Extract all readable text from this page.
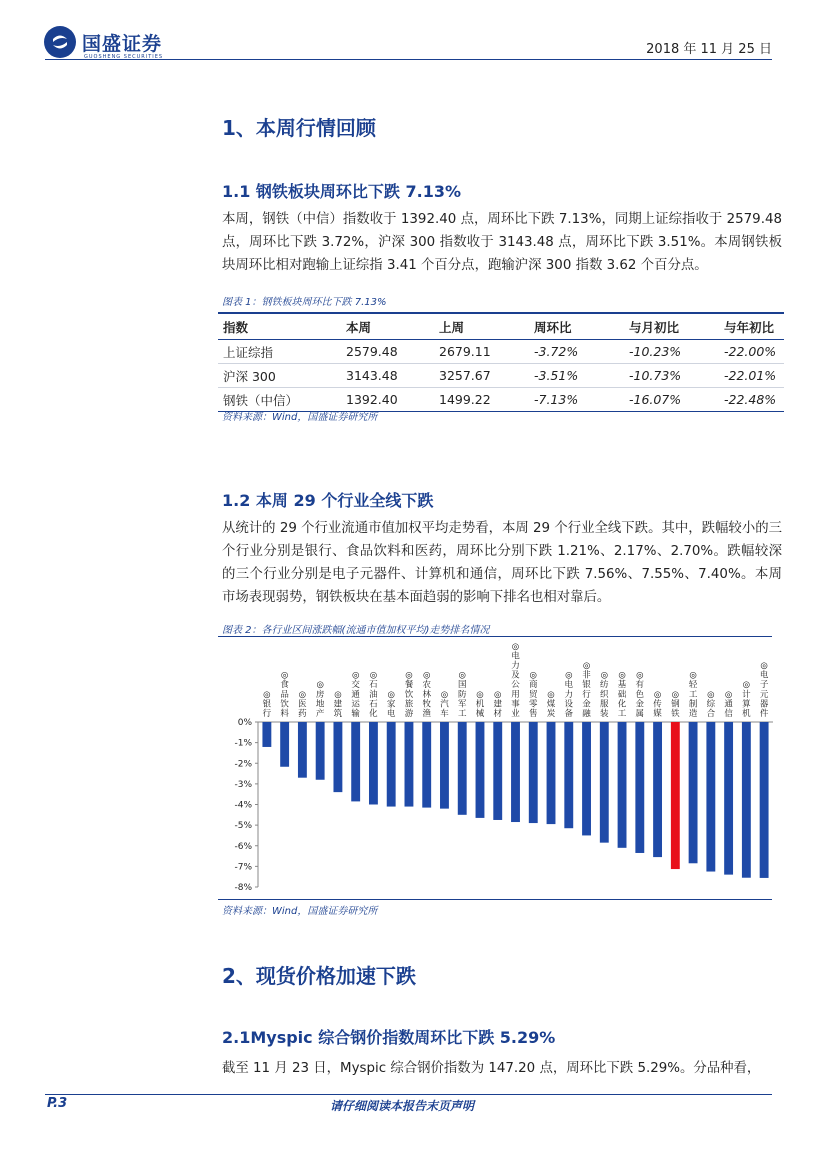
国盛证券
GUOSHENG SECURITIES	2018 年 11 月 25 日
1、本周行情回顾
1.1 钢铁板块周环比下跌 7.13%
本周，钢铁（中信）指数收于 1392.40 点，周环比下跌 7.13%，同期上证综指收于 2579.48 点，周环比下跌 3.72%，沪深 300 指数收于 3143.48 点，周环比下跌 3.51%。本周钢铁板块周环比相对跑输上证综指 3.41 个百分点，跑输沪深 300 指数 3.62 个百分点。
图表 1：钢铁板块周环比下跌 7.13%
指数	本周	上周	周环比	与月初比	与年初比
上证综指	2579.48	2679.11	-3.72%	-10.23%	-22.00%
沪深 300	3143.48	3257.67	-3.51%	-10.73%	-22.01%
钢铁（中信）	1392.40	1499.22	-7.13%	-16.07%	-22.48%
资料来源：Wind，国盛证券研究所
1.2 本周 29 个行业全线下跌
从统计的 29 个行业流通市值加权平均走势看，本周 29 个行业全线下跌。其中，跌幅较小的三个行业分别是银行、食品饮料和医药，周环比分别下跌 1.21%、2.17%、2.70%。跌幅较深的三个行业分别是电子元器件、计算机和通信，周环比下跌 7.56%、7.55%、7.40%。本周市场表现弱势，钢铁板块在基本面趋弱的影响下排名也相对靠后。
图表 2：各行业区间涨跌幅(流通市值加权平均)走势排名情况
0%
-1%
-2%
-3%
-4%
-5%
-6%
-7%
-8%
◎银行
◎食品饮料
◎医药
◎房地产
◎建筑
◎交通运输
◎石油石化
◎家电
◎餐饮旅游
◎农林牧渔
◎汽车
◎国防军工
◎机械
◎建材
◎电力及公用事业
◎商贸零售
◎煤炭
◎电力设备
◎非银行金融
◎纺织服装
◎基础化工
◎有色金属
◎传媒
◎钢铁
◎轻工制造
◎综合
◎通信
◎计算机
◎电子元器件
资料来源：Wind，国盛证券研究所
2、现货价格加速下跌
2.1Myspic 综合钢价指数周环比下跌 5.29%
截至 11 月 23 日，Myspic 综合钢价指数为 147.20 点，周环比下跌 5.29%。分品种看，
P.3	请仔细阅读本报告末页声明
